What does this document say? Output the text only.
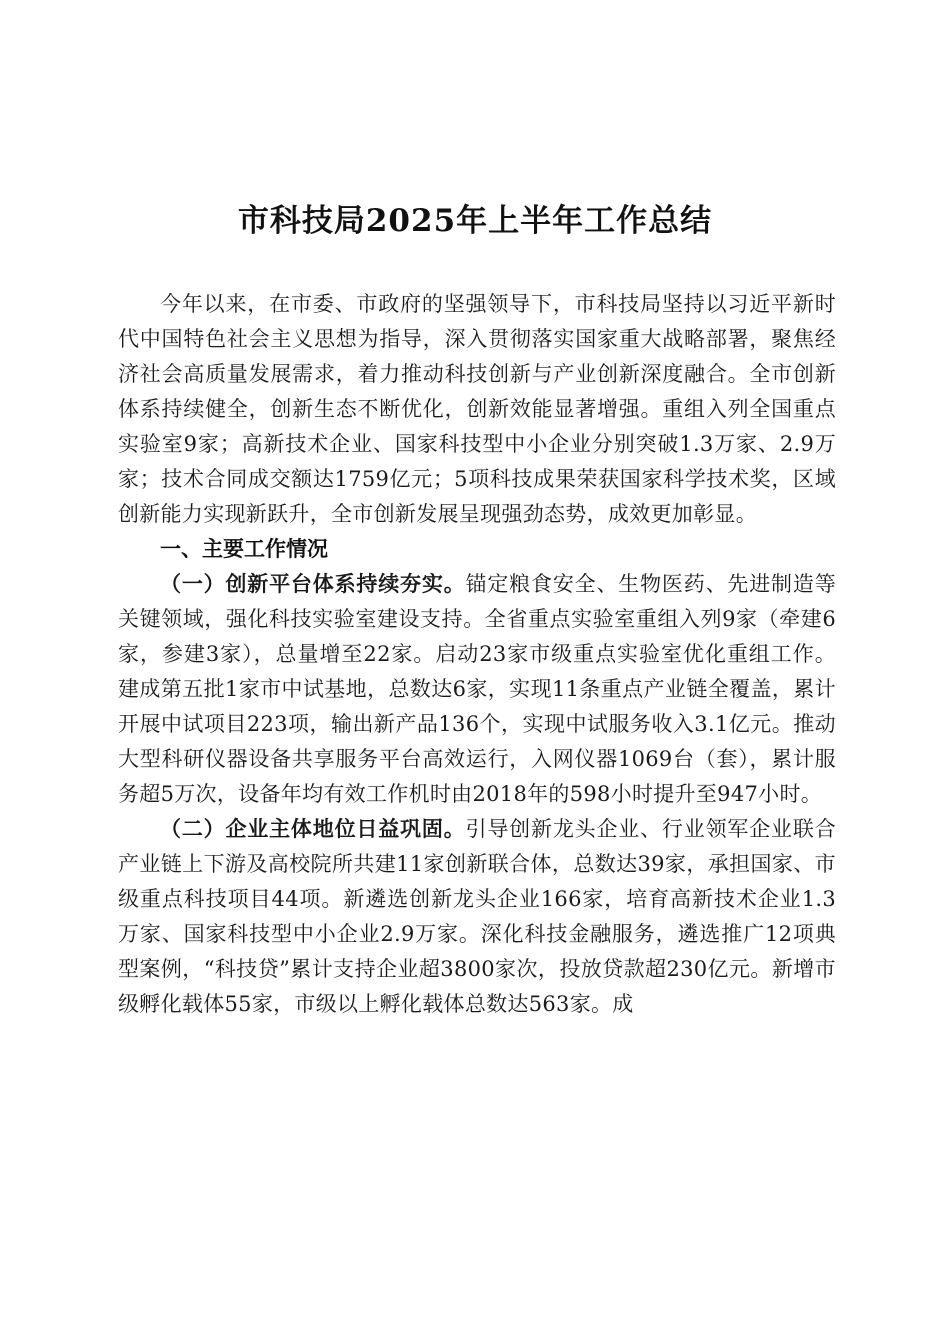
市科技局2025年上半年工作总结

今年以来，在市委、市政府的坚强领导下，市科技局坚持以习近平新时代中国特色社会主义思想为指导，深入贯彻落实国家重大战略部署，聚焦经济社会高质量发展需求，着力推动科技创新与产业创新深度融合。全市创新体系持续健全，创新生态不断优化，创新效能显著增强。重组入列全国重点实验室9家；高新技术企业、国家科技型中小企业分别突破1.3万家、2.9万家；技术合同成交额达1759亿元；5项科技成果荣获国家科学技术奖，区域创新能力实现新跃升，全市创新发展呈现强劲态势，成效更加彰显。

一、主要工作情况

（一）创新平台体系持续夯实。锚定粮食安全、生物医药、先进制造等关键领域，强化科技实验室建设支持。全省重点实验室重组入列9家（牵建6家，参建3家），总量增至22家。启动23家市级重点实验室优化重组工作。建成第五批1家市中试基地，总数达6家，实现11条重点产业链全覆盖，累计开展中试项目223项，输出新产品136个，实现中试服务收入3.1亿元。推动大型科研仪器设备共享服务平台高效运行，入网仪器1069台（套），累计服务超5万次，设备年均有效工作机时由2018年的598小时提升至947小时。

（二）企业主体地位日益巩固。引导创新龙头企业、行业领军企业联合产业链上下游及高校院所共建11家创新联合体，总数达39家，承担国家、市级重点科技项目44项。新遴选创新龙头企业166家，培育高新技术企业1.3万家、国家科技型中小企业2.9万家。深化科技金融服务，遴选推广12项典型案例，“科技贷”累计支持企业超3800家次，投放贷款超230亿元。新增市级孵化载体55家，市级以上孵化载体总数达563家。成
